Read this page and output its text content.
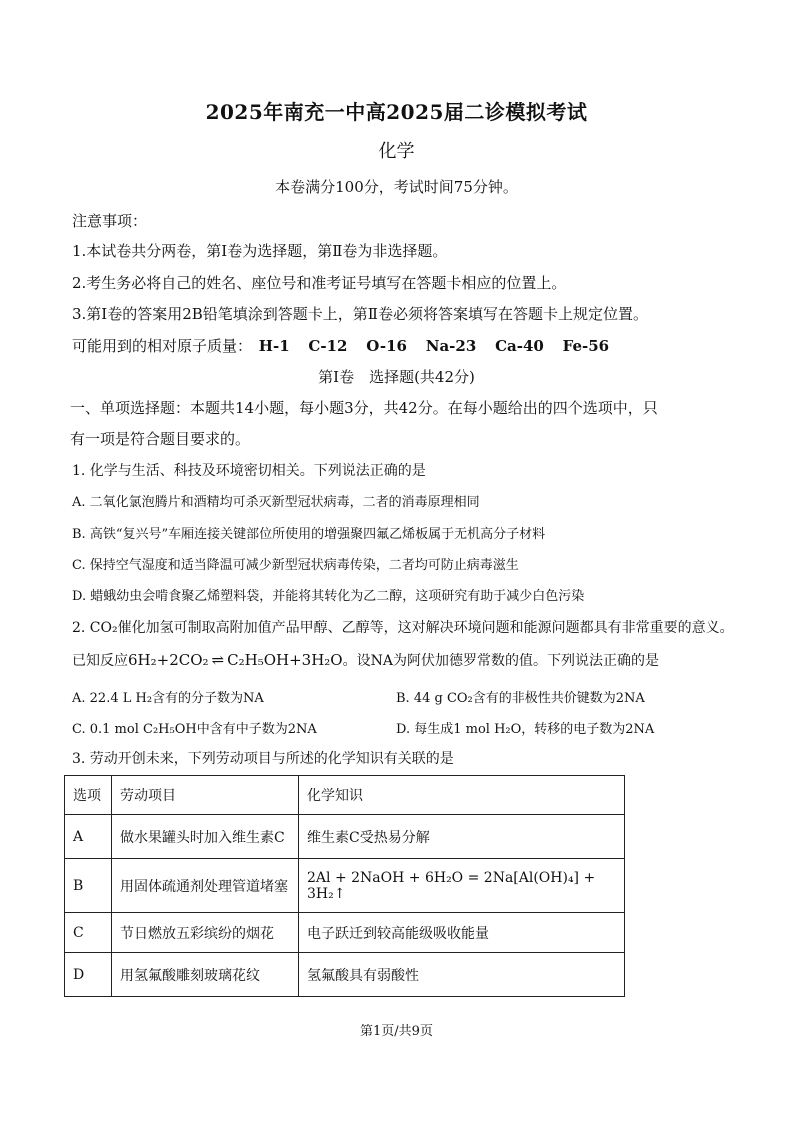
2025年南充一中高2025届二诊模拟考试
化学
本卷满分100分，考试时间75分钟。
注意事项：
1.本试卷共分两卷，第Ⅰ卷为选择题，第Ⅱ卷为非选择题。
2.考生务必将自己的姓名、座位号和准考证号填写在答题卡相应的位置上。
3.第Ⅰ卷的答案用2B铅笔填涂到答题卡上，第Ⅱ卷必须将答案填写在答题卡上规定位置。
可能用到的相对原子质量： H-1 C-12 O-16 Na-23 Ca-40 Fe-56
第Ⅰ卷　选择题(共42分)
一、单项选择题：本题共14小题，每小题3分，共42分。在每小题给出的四个选项中，只
有一项是符合题目要求的。
1. 化学与生活、科技及环境密切相关。下列说法正确的是
A. 二氧化氯泡腾片和酒精均可杀灭新型冠状病毒，二者的消毒原理相同
B. 高铁“复兴号”车厢连接关键部位所使用的增强聚四氟乙烯板属于无机高分子材料
C. 保持空气湿度和适当降温可减少新型冠状病毒传染，二者均可防止病毒滋生
D. 蜡蛾幼虫会啃食聚乙烯塑料袋，并能将其转化为乙二醇，这项研究有助于减少白色污染
2. CO₂催化加氢可制取高附加值产品甲醇、乙醇等，这对解决环境问题和能源问题都具有非常重要的意义。
已知反应6H₂+2CO₂ ⇌ C₂H₅OH+3H₂O。设NA为阿伏加德罗常数的值。下列说法正确的是
A. 22.4 L H₂含有的分子数为NA	B. 44 g CO₂含有的非极性共价键数为2NA
C. 0.1 mol C₂H₅OH中含有中子数为2NA	D. 每生成1 mol H₂O，转移的电子数为2NA
3. 劳动开创未来，下列劳动项目与所述的化学知识有关联的是
选项	劳动项目	化学知识
A	做水果罐头时加入维生素C	维生素C受热易分解
B	用固体疏通剂处理管道堵塞	2Al + 2NaOH + 6H₂O = 2Na[Al(OH)₄] + 3H₂↑
C	节日燃放五彩缤纷的烟花	电子跃迁到较高能级吸收能量
D	用氢氟酸雕刻玻璃花纹	氢氟酸具有弱酸性
第1页/共9页
